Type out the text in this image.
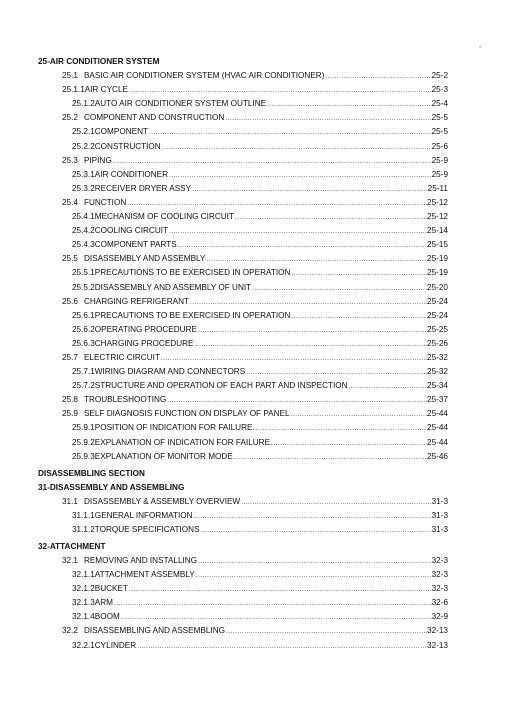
-
25-AIR CONDITIONER SYSTEM
25.1 BASIC AIR CONDITIONER SYSTEM (HVAC AIR CONDITIONER) .....	25-2
25.1.1AIR CYCLE .....	25-3
25.1.2 AUTO AIR CONDITIONER SYSTEM OUTLINE .....	25-4
25.2 COMPONENT AND CONSTRUCTION .....	25-5
25.2.1 COMPONENT .....	25-5
25.2.2 CONSTRUCTION .....	25-6
25.3 PIPING .....	25-9
25.3.1 AIR CONDITIONER .....	25-9
25.3.2 RECEIVER DRYER ASSY .....	25-11
25.4 FUNCTION .....	25-12
25.4.1 MECHANISM OF COOLING CIRCUIT .....	25-12
25.4.2 COOLING CIRCUIT .....	25-14
25.4.3 COMPONENT PARTS .....	25-15
25.5 DISASSEMBLY AND ASSEMBLY .....	25-19
25.5.1 PRECAUTIONS TO BE EXERCISED IN OPERATION .....	25-19
25.5.2 DISASSEMBLY AND ASSEMBLY OF UNIT .....	25-20
25.6 CHARGING REFRIGERANT .....	25-24
25.6.1 PRECAUTIONS TO BE EXERCISED IN OPERATION .....	25-24
25.6.2 OPERATING PROCEDURE .....	25-25
25.6.3 CHARGING PROCEDURE .....	25-26
25.7 ELECTRIC CIRCUIT .....	25-32
25.7.1 WIRING DIAGRAM AND CONNECTORS .....	25-32
25.7.2 STRUCTURE AND OPERATION OF EACH PART AND INSPECTION .....	25-34
25.8 TROUBLESHOOTING .....	25-37
25.9 SELF DIAGNOSIS FUNCTION ON DISPLAY OF PANEL .....	25-44
25.9.1 POSITION OF INDICATION FOR FAILURE. .....	25-44
25.9.2 EXPLANATION OF INDICATION FOR FAILURE. .....	25-44
25.9.3 EXPLANATION OF MONITOR MODE .....	25-46
DISASSEMBLING SECTION
31-DISASSEMBLY AND ASSEMBLING
31.1 DISASSEMBLY & ASSEMBLY OVERVIEW .....	31-3
31.1.1 GENERAL INFORMATION .....	31-3
31.1.2 TORQUE SPECIFICATIONS .....	31-3
32-ATTACHMENT
32.1 REMOVING AND INSTALLING .....	32-3
32.1.1 ATTACHMENT ASSEMBLY .....	32-3
32.1.2 BUCKET .....	32-3
32.1.3 ARM .....	32-6
32.1.4 BOOM .....	32-9
32.2 DISASSEMBLING AND ASSEMBLING .....	32-13
32.2.1 CYLINDER .....	32-13
